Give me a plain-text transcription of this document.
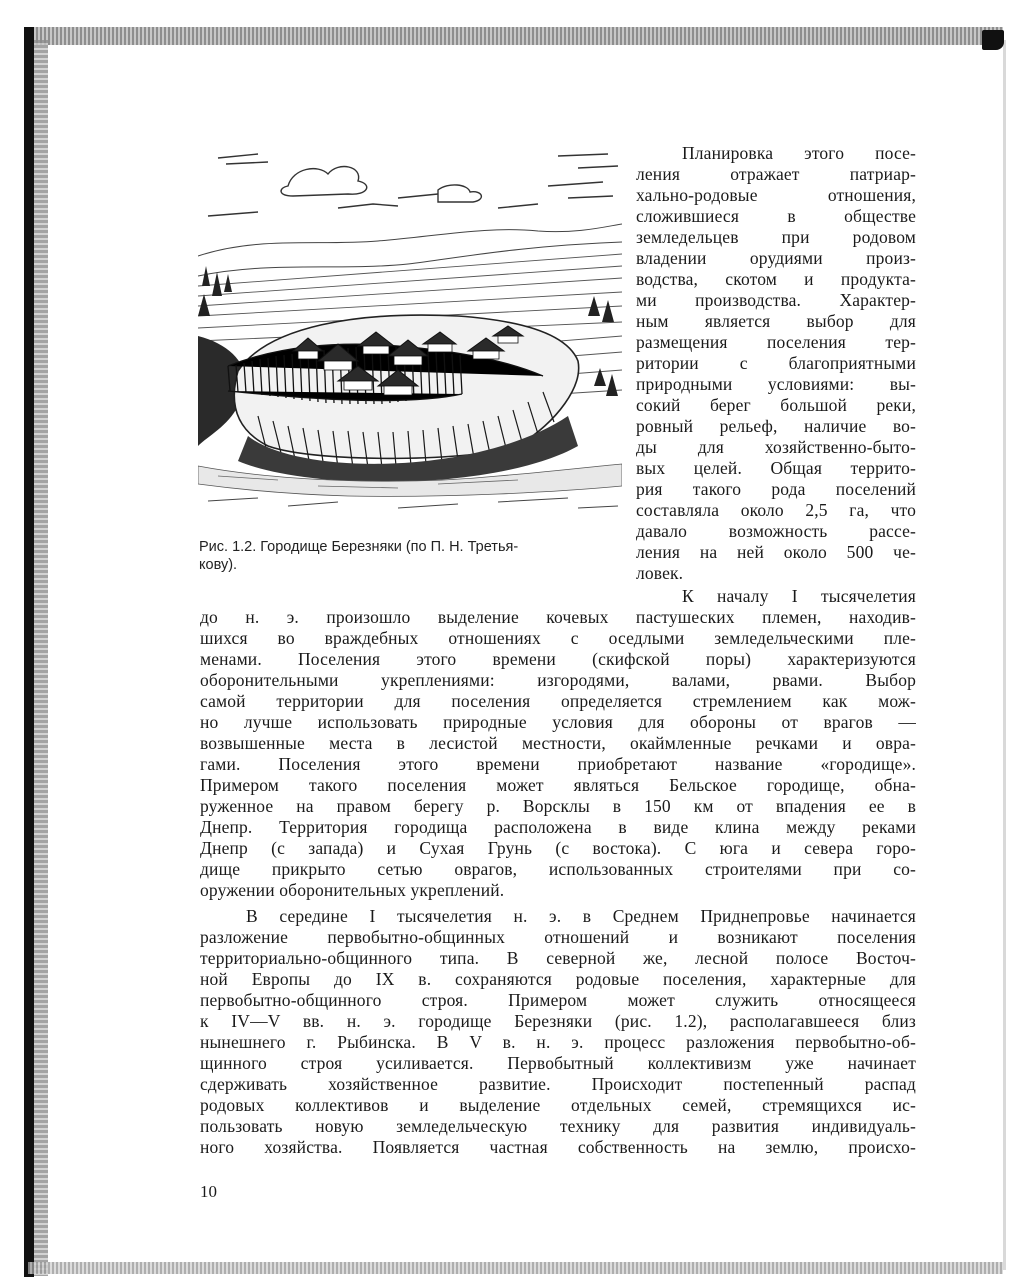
Рис. 1.2. Городище Березняки (по П. Н. Третья-
кову).
Планировка этого посе-
ления отражает патриар-
хально-родовые отношения,
сложившиеся в обществе
земледельцев при родовом
владении орудиями произ-
водства, скотом и продукта-
ми производства. Характер-
ным является выбор для
размещения поселения тер-
ритории с благоприятными
природными условиями: вы-
сокий берег большой реки,
ровный рельеф, наличие во-
ды для хозяйственно-быто-
вых целей. Общая террито-
рия такого рода поселений
составляла около 2,5 га, что
давало возможность рассе-
ления на ней около 500 че-
ловек.
К началу I тысячелетия
до н. э. произошло выделение кочевых пастушеских племен, находив-
шихся во враждебных отношениях с оседлыми земледельческими пле-
менами. Поселения этого времени (скифской поры) характеризуются
оборонительными укреплениями: изгородями, валами, рвами. Выбор
самой территории для поселения определяется стремлением как мож-
но лучше использовать природные условия для обороны от врагов —
возвышенные места в лесистой местности, окаймленные речками и овра-
гами. Поселения этого времени приобретают название «городище».
Примером такого поселения может являться Бельское городище, обна-
руженное на правом берегу р. Ворсклы в 150 км от впадения ее в
Днепр. Территория городища расположена в виде клина между реками
Днепр (с запада) и Сухая Грунь (с востока). С юга и севера горо-
дище прикрыто сетью оврагов, использованных строителями при со-
оружении оборонительных укреплений.
В середине I тысячелетия н. э. в Среднем Приднепровье начинается
разложение первобытно-общинных отношений и возникают поселения
территориально-общинного типа. В северной же, лесной полосе Восточ-
ной Европы до IX в. сохраняются родовые поселения, характерные для
первобытно-общинного строя. Примером может служить относящееся
к IV—V вв. н. э. городище Березняки (рис. 1.2), располагавшееся близ
нынешнего г. Рыбинска. В V в. н. э. процесс разложения первобытно-об-
щинного строя усиливается. Первобытный коллективизм уже начинает
сдерживать хозяйственное развитие. Происходит постепенный распад
родовых коллективов и выделение отдельных семей, стремящихся ис-
пользовать новую земледельческую технику для развития индивидуаль-
ного хозяйства. Появляется частная собственность на землю, происхо-
10
